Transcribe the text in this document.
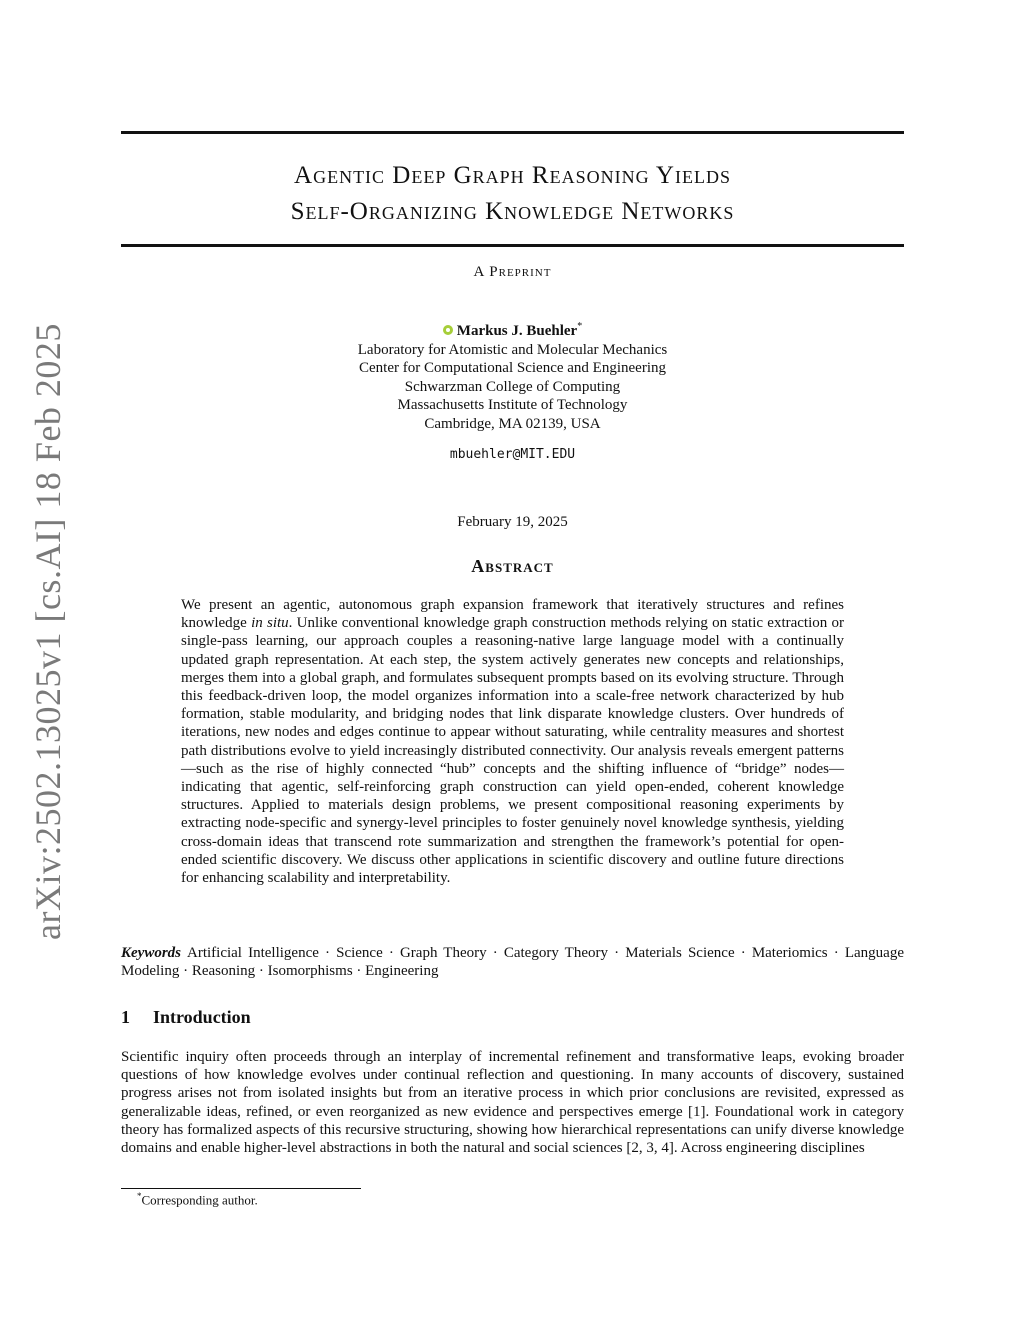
arXiv:2502.13025v1 [cs.AI] 18 Feb 2025
Agentic Deep Graph Reasoning Yields
Self-Organizing Knowledge Networks
A Preprint
Markus J. Buehler*
Laboratory for Atomistic and Molecular Mechanics
Center for Computational Science and Engineering
Schwarzman College of Computing
Massachusetts Institute of Technology
Cambridge, MA 02139, USA
mbuehler@MIT.EDU
February 19, 2025
Abstract
We present an agentic, autonomous graph expansion framework that iteratively structures and refines knowledge in situ. Unlike conventional knowledge graph construction methods relying on static extraction or single-pass learning, our approach couples a reasoning-native large language model with a continually updated graph representation. At each step, the system actively generates new concepts and relationships, merges them into a global graph, and formulates subsequent prompts based on its evolving structure. Through this feedback-driven loop, the model organizes information into a scale-free network characterized by hub formation, stable modularity, and bridging nodes that link disparate knowledge clusters. Over hundreds of iterations, new nodes and edges continue to appear without saturating, while centrality measures and shortest path distributions evolve to yield increasingly distributed connectivity. Our analysis reveals emergent patterns—such as the rise of highly connected “hub” concepts and the shifting influence of “bridge” nodes—indicating that agentic, self-reinforcing graph construction can yield open-ended, coherent knowledge structures. Applied to materials design problems, we present compositional reasoning experiments by extracting node-specific and synergy-level principles to foster genuinely novel knowledge synthesis, yielding cross-domain ideas that transcend rote summarization and strengthen the framework’s potential for open-ended scientific discovery. We discuss other applications in scientific discovery and outline future directions for enhancing scalability and interpretability.
Keywords Artificial Intelligence · Science · Graph Theory · Category Theory · Materials Science · Materiomics · Language Modeling · Reasoning · Isomorphisms · Engineering
1 Introduction
Scientific inquiry often proceeds through an interplay of incremental refinement and transformative leaps, evoking broader questions of how knowledge evolves under continual reflection and questioning. In many accounts of discovery, sustained progress arises not from isolated insights but from an iterative process in which prior conclusions are revisited, expressed as generalizable ideas, refined, or even reorganized as new evidence and perspectives emerge [1]. Foundational work in category theory has formalized aspects of this recursive structuring, showing how hierarchical representations can unify diverse knowledge domains and enable higher-level abstractions in both the natural and social sciences [2, 3, 4]. Across engineering disciplines
*Corresponding author.
